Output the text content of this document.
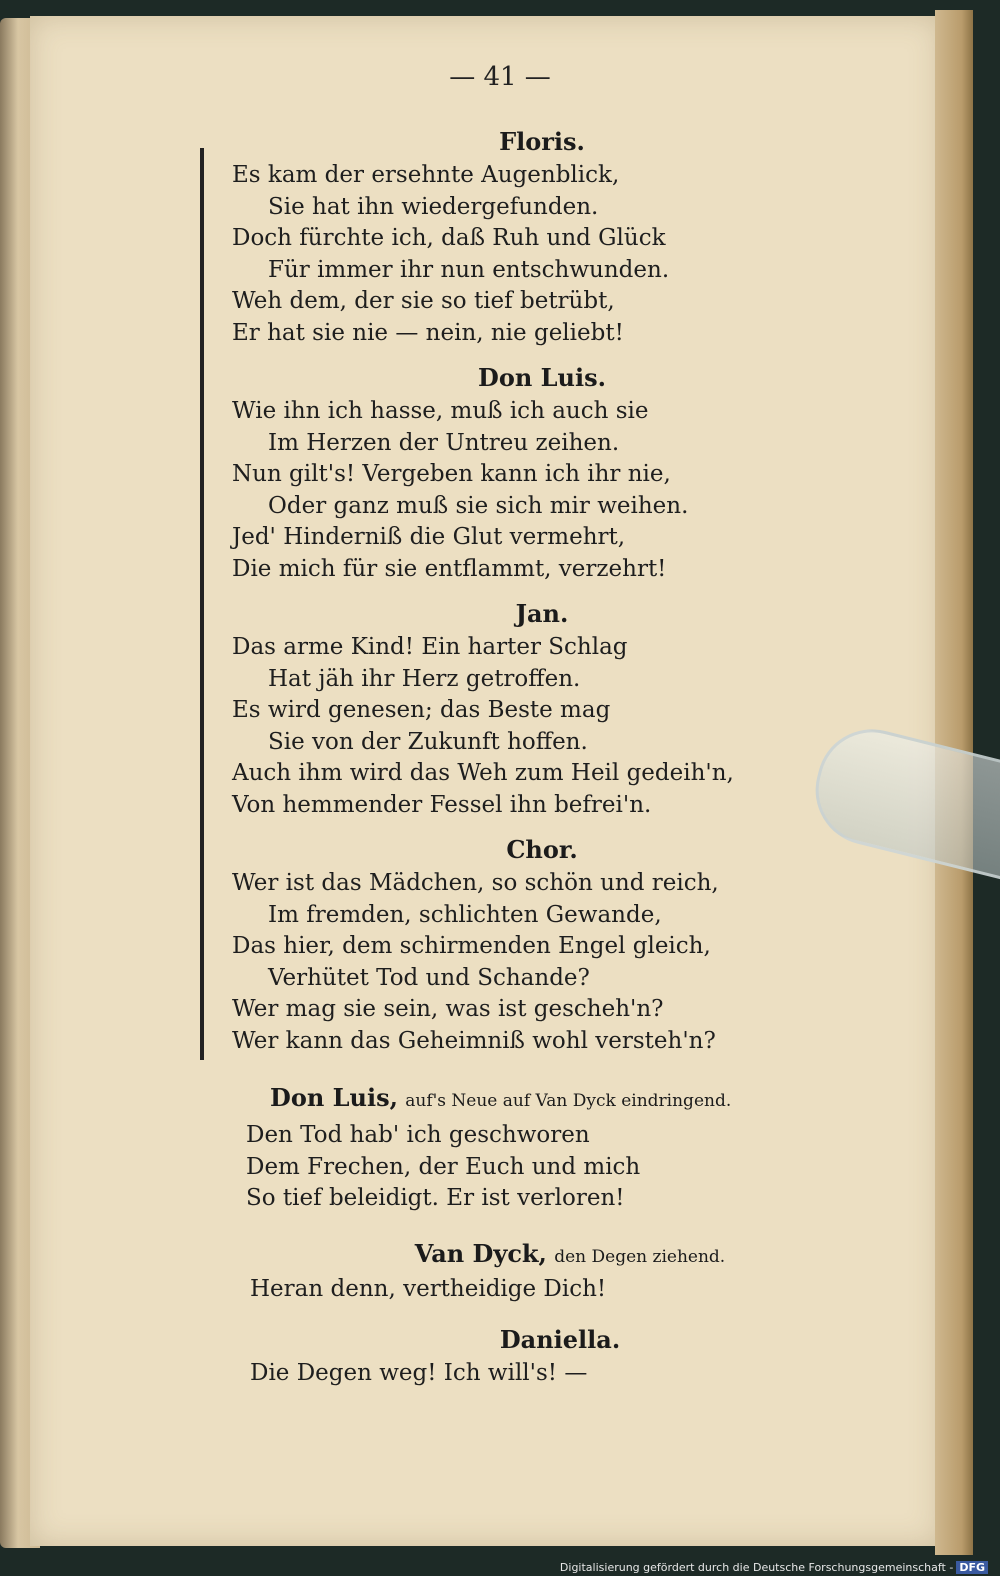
— 41 —
Floris.
Es kam der ersehnte Augenblick,
Sie hat ihn wiedergefunden.
Doch fürchte ich, daß Ruh und Glück
Für immer ihr nun entschwunden.
Weh dem, der sie so tief betrübt,
Er hat sie nie — nein, nie geliebt!
Don Luis.
Wie ihn ich hasse, muß ich auch sie
Im Herzen der Untreu zeihen.
Nun gilt's! Vergeben kann ich ihr nie,
Oder ganz muß sie sich mir weihen.
Jed' Hinderniß die Glut vermehrt,
Die mich für sie entflammt, verzehrt!
Jan.
Das arme Kind! Ein harter Schlag
Hat jäh ihr Herz getroffen.
Es wird genesen; das Beste mag
Sie von der Zukunft hoffen.
Auch ihm wird das Weh zum Heil gedeih'n,
Von hemmender Fessel ihn befrei'n.
Chor.
Wer ist das Mädchen, so schön und reich,
Im fremden, schlichten Gewande,
Das hier, dem schirmenden Engel gleich,
Verhütet Tod und Schande?
Wer mag sie sein, was ist gescheh'n?
Wer kann das Geheimniß wohl versteh'n?
Don Luis, auf's Neue auf Van Dyck eindringend.
Den Tod hab' ich geschworen
Dem Frechen, der Euch und mich
So tief beleidigt. Er ist verloren!
Van Dyck, den Degen ziehend.
Heran denn, vertheidige Dich!
Daniella.
Die Degen weg! Ich will's! —
Digitalisierung gefördert durch die Deutsche Forschungsgemeinschaft - DFG
